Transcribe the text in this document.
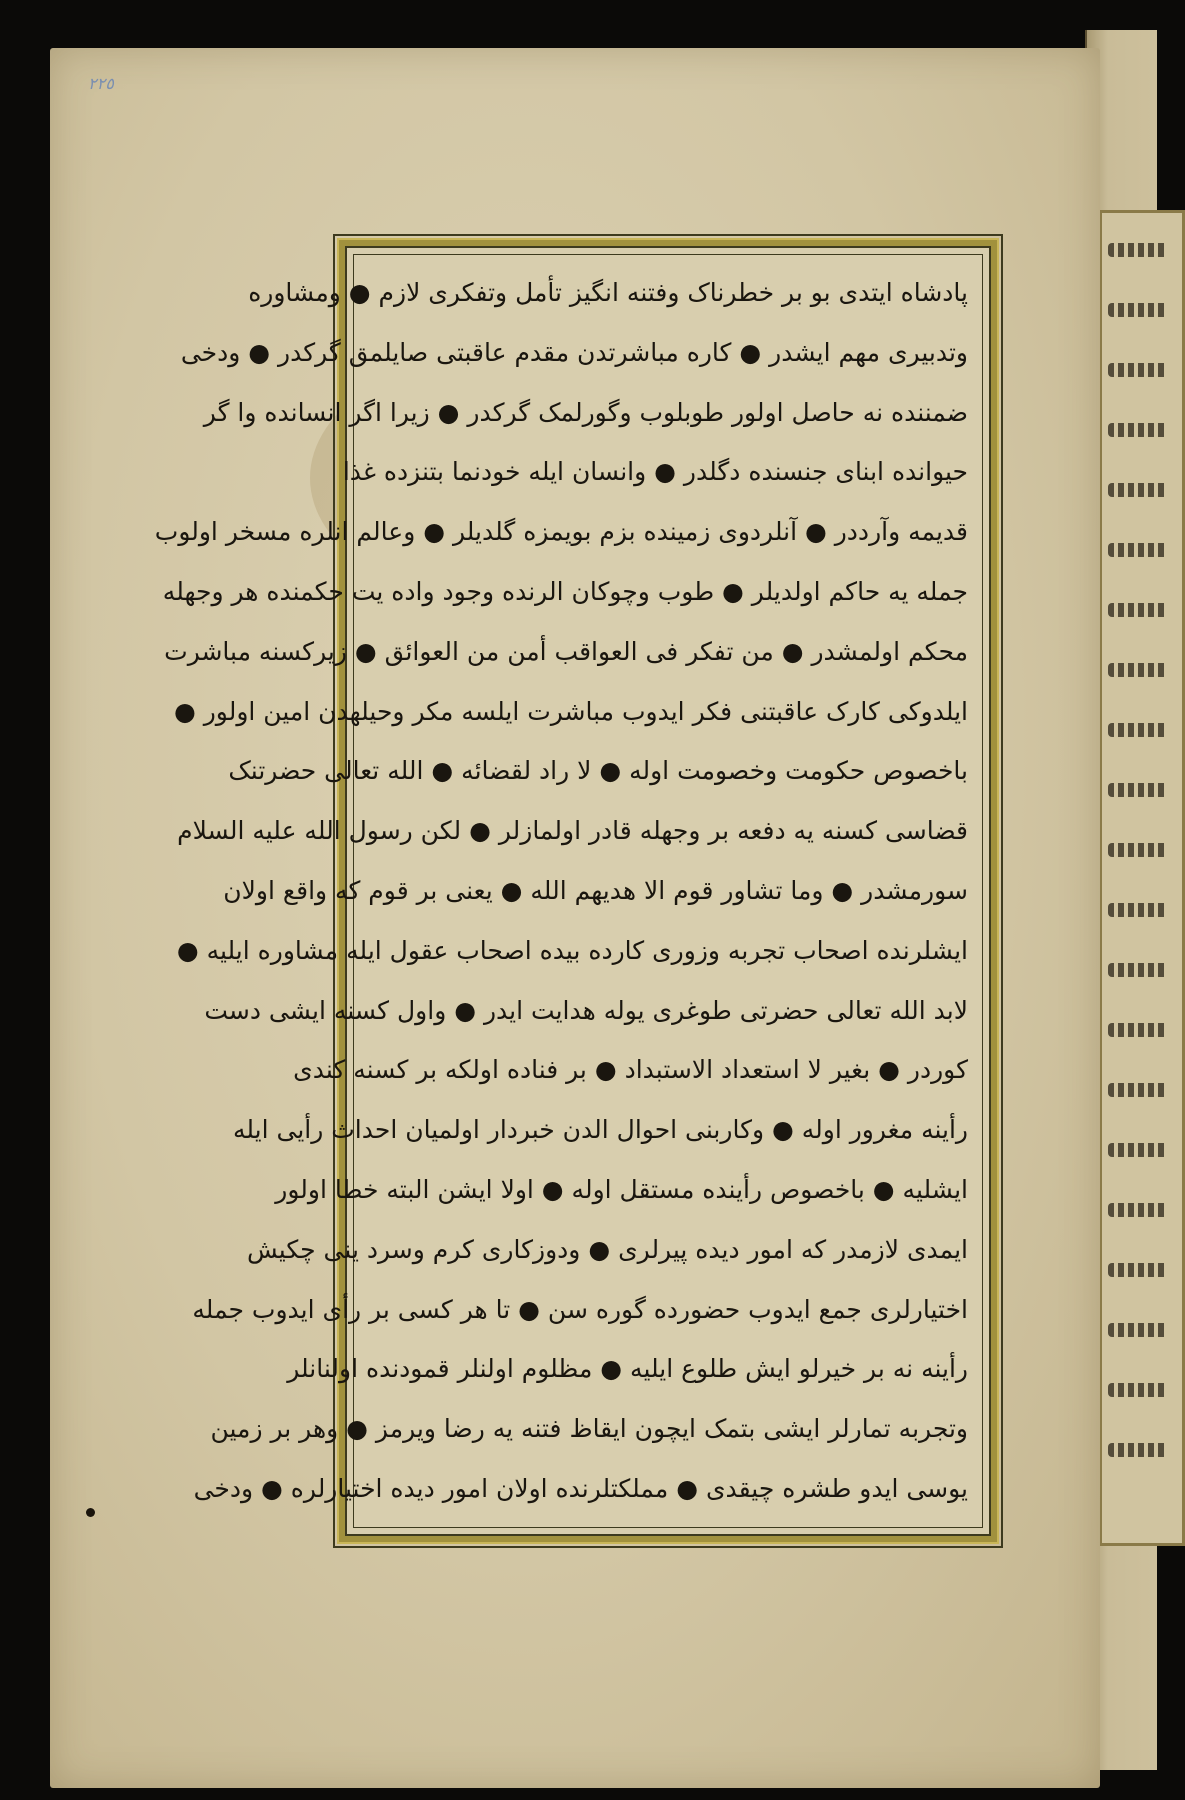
٢٢٥
پادشاه ایتدی بو بر خطرناک وفتنه انگیز تأمل وتفکری لازم ● ومشاوره
وتدبیری مهم ایشدر ● کاره مباشرتدن مقدم عاقبتی صایلمق گرکدر ● ودخی
ضمننده نه حاصل اولور طوبلوب وگورلمک گرکدر ● زیرا اگر انسانده وا گر
حیوانده ابنای جنسنده دگلدر ● وانسان ایله خودنما بتنزده غذا
قدیمه وآرددر ● آنلردوی زمینده بزم بویمزه گلدیلر ● وعالم انلره مسخر اولوب
جمله یه حاکم اولدیلر ● طوب وچوکان الرنده وجود واده یت حکمنده هر وجهله
محکم اولمشدر ● من تفکر فی العواقب أمن من العوائق ● زیرکسنه مباشرت
ایلدوکی کارک عاقبتنی فکر ایدوب مباشرت ایلسه مکر وحیلهدن امین اولور ●
باخصوص حکومت وخصومت اوله ● لا راد لقضائه ● الله تعالی حضرتنک
قضاسی کسنه یه دفعه بر وجهله قادر اولمازلر ● لکن رسول الله علیه السلام
سورمشدر ● وما تشاور قوم الا هدیهم الله ● یعنی بر قوم که واقع اولان
ایشلرنده اصحاب تجربه وزوری کارده بیده اصحاب عقول ایله مشاوره ایلیه ●
لابد الله تعالی حضرتی طوغری یوله هدایت ایدر ● واول کسنه ایشی دست
کوردر ● بغیر لا استعداد الاستبداد ● بر فناده اولکه بر کسنه کندی
رأینه مغرور اوله ● وکاربنی احوال الدن خبردار اولمیان احداث رأیی ایله
ایشلیه ● باخصوص رأینده مستقل اوله ● اولا ایشن البته خطا اولور
ایمدی لازمدر که امور دیده پیرلری ● ودوزکاری کرم وسرد ینی چکیش
اختیارلری جمع ایدوب حضورده گوره سن ● تا هر کسی بر رأی ایدوب جمله
رأینه نه بر خیرلو ایش طلوع ایلیه ● مظلوم اولنلر قمودنده اولنانلر
وتجربه تمارلر ایشی بتمک ایچون ایقاظ فتنه یه رضا ویرمز ● وهر بر زمین
یوسی ایدو طشره چیقدی ● مملکتلرنده اولان امور دیده اختیارلره ● ودخی
